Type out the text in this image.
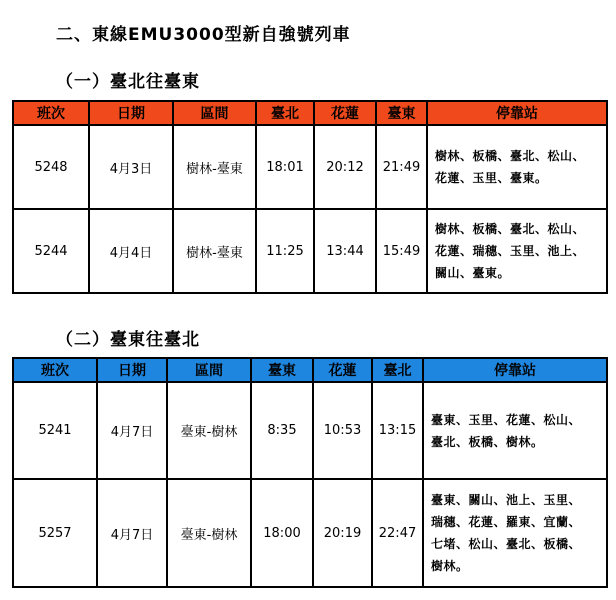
二、東線EMU3000型新自強號列車
（一）臺北往臺東
班次	日期	區間	臺北	花蓮	臺東	停靠站
5248	4月3日	樹林-臺東	18:01	20:12	21:49	樹林、板橋、臺北、松山、
花蓮、玉里、臺東。

5244	4月4日	樹林-臺東	11:25	13:44	15:49	樹林、板橋、臺北、松山、
花蓮、瑞穗、玉里、池上、
關山、臺東。
（二）臺東往臺北
班次	日期	區間	臺東	花蓮	臺北	停靠站
5241	4月7日	臺東-樹林	8:35	10:53	13:15	臺東、玉里、花蓮、松山、
臺北、板橋、樹林。

5257	4月7日	臺東-樹林	18:00	20:19	22:47	臺東、關山、池上、玉里、
瑞穗、花蓮、羅東、宜蘭、
七堵、松山、臺北、板橋、
樹林。
